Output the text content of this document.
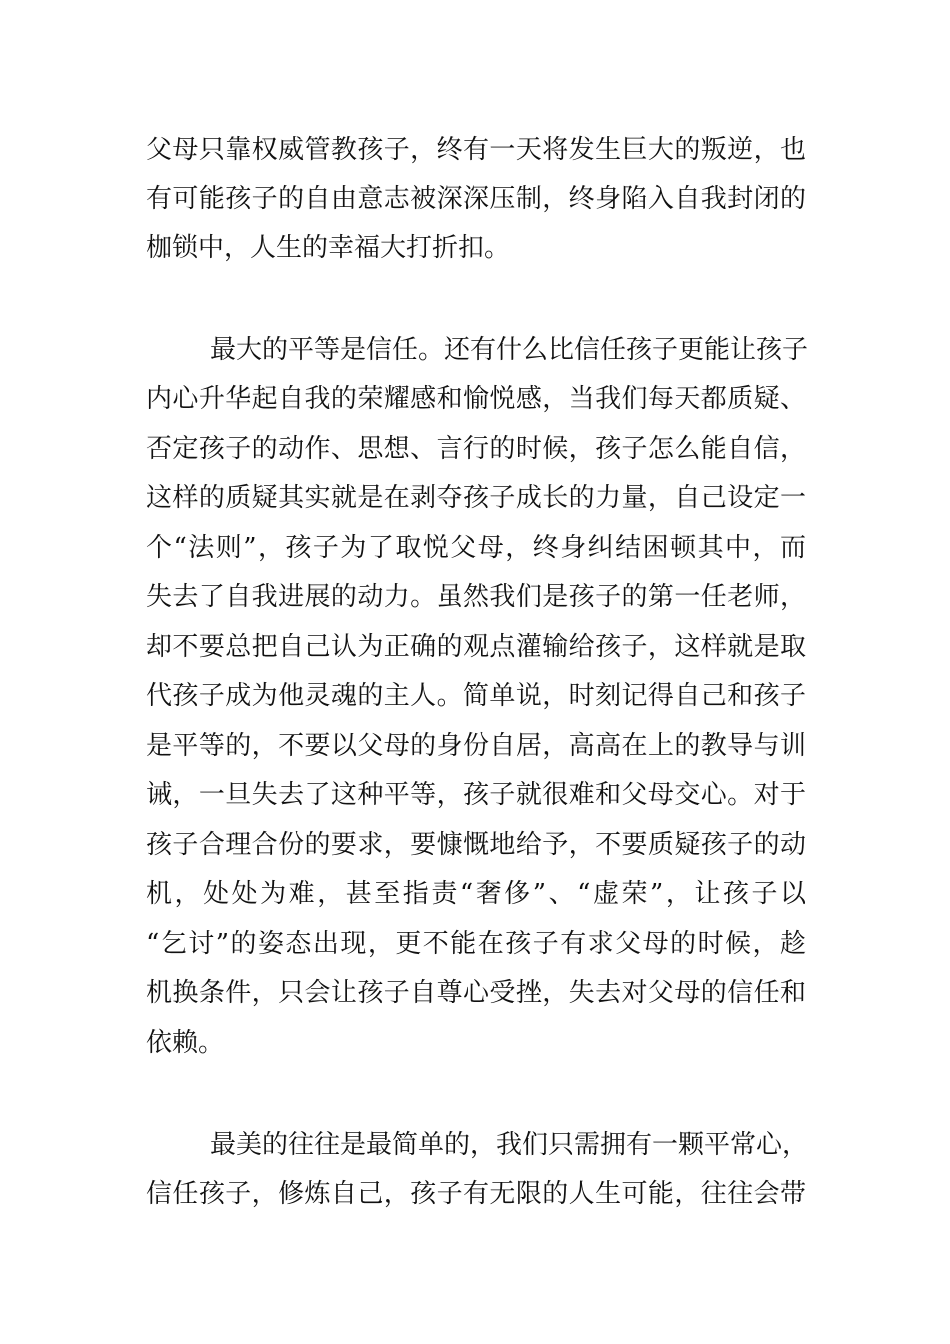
父母只靠权威管教孩子，终有一天将发生巨大的叛逆，也
有可能孩子的自由意志被深深压制，终身陷入自我封闭的
枷锁中，人生的幸福大打折扣。
最大的平等是信任。还有什么比信任孩子更能让孩子
内心升华起自我的荣耀感和愉悦感，当我们每天都质疑、
否定孩子的动作、思想、言行的时候，孩子怎么能自信，
这样的质疑其实就是在剥夺孩子成长的力量，自己设定一
个“法则”，孩子为了取悦父母，终身纠结困顿其中，而
失去了自我进展的动力。虽然我们是孩子的第一任老师，
却不要总把自己认为正确的观点灌输给孩子，这样就是取
代孩子成为他灵魂的主人。简单说，时刻记得自己和孩子
是平等的，不要以父母的身份自居，高高在上的教导与训
诫，一旦失去了这种平等，孩子就很难和父母交心。对于
孩子合理合份的要求，要慷慨地给予，不要质疑孩子的动
机，处处为难，甚至指责“奢侈”、“虚荣”，让孩子以
“乞讨”的姿态出现，更不能在孩子有求父母的时候，趁
机换条件，只会让孩子自尊心受挫，失去对父母的信任和
依赖。
最美的往往是最简单的，我们只需拥有一颗平常心，
信任孩子，修炼自己，孩子有无限的人生可能，往往会带
